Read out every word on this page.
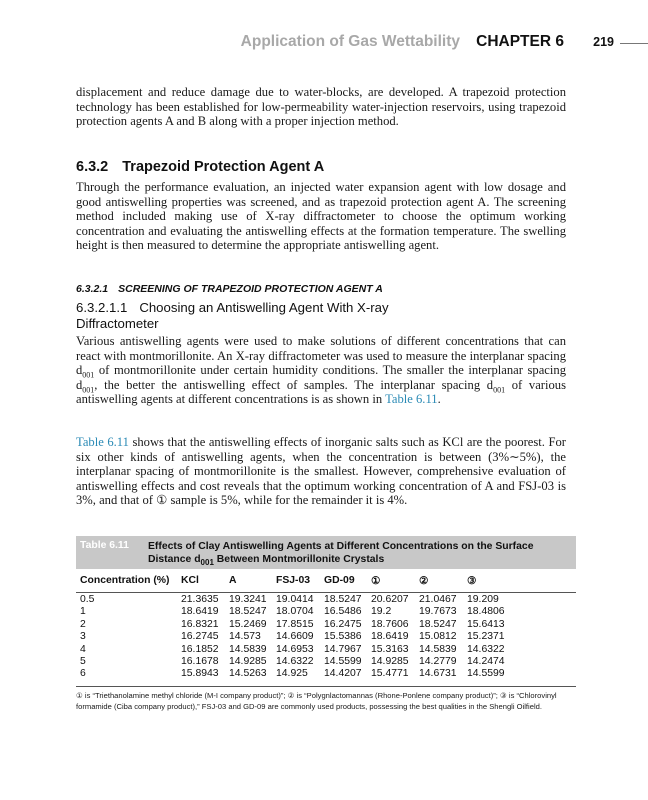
Application of Gas Wettability CHAPTER 6 219

displacement and reduce damage due to water-blocks, are developed. A trapezoid protection technology has been established for low-permeability water-injection reservoirs, using trapezoid protection agents A and B along with a proper injection method.

6.3.2 Trapezoid Protection Agent A

Through the performance evaluation, an injected water expansion agent with low dosage and good antiswelling properties was screened, and as trapezoid protection agent A. The screening method included making use of X-ray diffractometer to choose the optimum working concentration and evaluating the antiswelling effects at the formation temperature. The swelling height is then measured to determine the appropriate antiswelling agent.

6.3.2.1 SCREENING OF TRAPEZOID PROTECTION AGENT A
6.3.2.1.1 Choosing an Antiswelling Agent With X-ray Diffractometer

Various antiswelling agents were used to make solutions of different concentrations that can react with montmorillonite. An X-ray diffractometer was used to measure the interplanar spacing $d_{001}$ of montmorillonite under certain humidity conditions. The smaller the interplanar spacing $d_{001}$, the better the antiswelling effect of samples. The interplanar spacing $d_{001}$ of various antiswelling agents at different concentrations is as shown in Table 6.11.

Table 6.11 shows that the antiswelling effects of inorganic salts such as KCl are the poorest. For six other kinds of antiswelling agents, when the concentration is between (3%∼5%), the interplanar spacing of montmorillonite is the smallest. However, comprehensive evaluation of antiswelling effects and cost reveals that the optimum working concentration of A and FSJ-03 is 3%, and that of ① sample is 5%, while for the remainder it is 4%.

Table 6.11 Effects of Clay Antiswelling Agents at Different Concentrations on the Surface Distance $d_{001}$ Between Montmorillonite Crystals
Concentration (%) KCl	A	FSJ-03 GD-09 ①	②	③
0.5	21.3635 19.3241 19.0414 18.5247 20.6207 21.0467 19.209
1	18.6419 18.5247 18.0704 16.5486 19.2	19.7673 18.4806
2	16.8321 15.2469 17.8515 16.2475 18.7606 18.5247 15.6413
3	16.2745 14.573 14.6609 15.5386 18.6419 15.0812 15.2371
4	16.1852 14.5839 14.6953 14.7967 15.3163 14.5839 14.6322
5	16.1678 14.9285 14.6322 14.5599 14.9285 14.2779 14.2474
6	15.8943 14.5263 14.925 14.4207 15.4771 14.6731 14.5599
① is “Triethanolamine methyl chloride (M-I company product)”; ② is “Polygnlactomannas (Rhone-Ponlene company product)”; ③ is “Chlorovinyl formamide (Ciba company product),” FSJ-03 and GD-09 are commonly used products, possessing the best qualities in the Shengli Oilfield.
